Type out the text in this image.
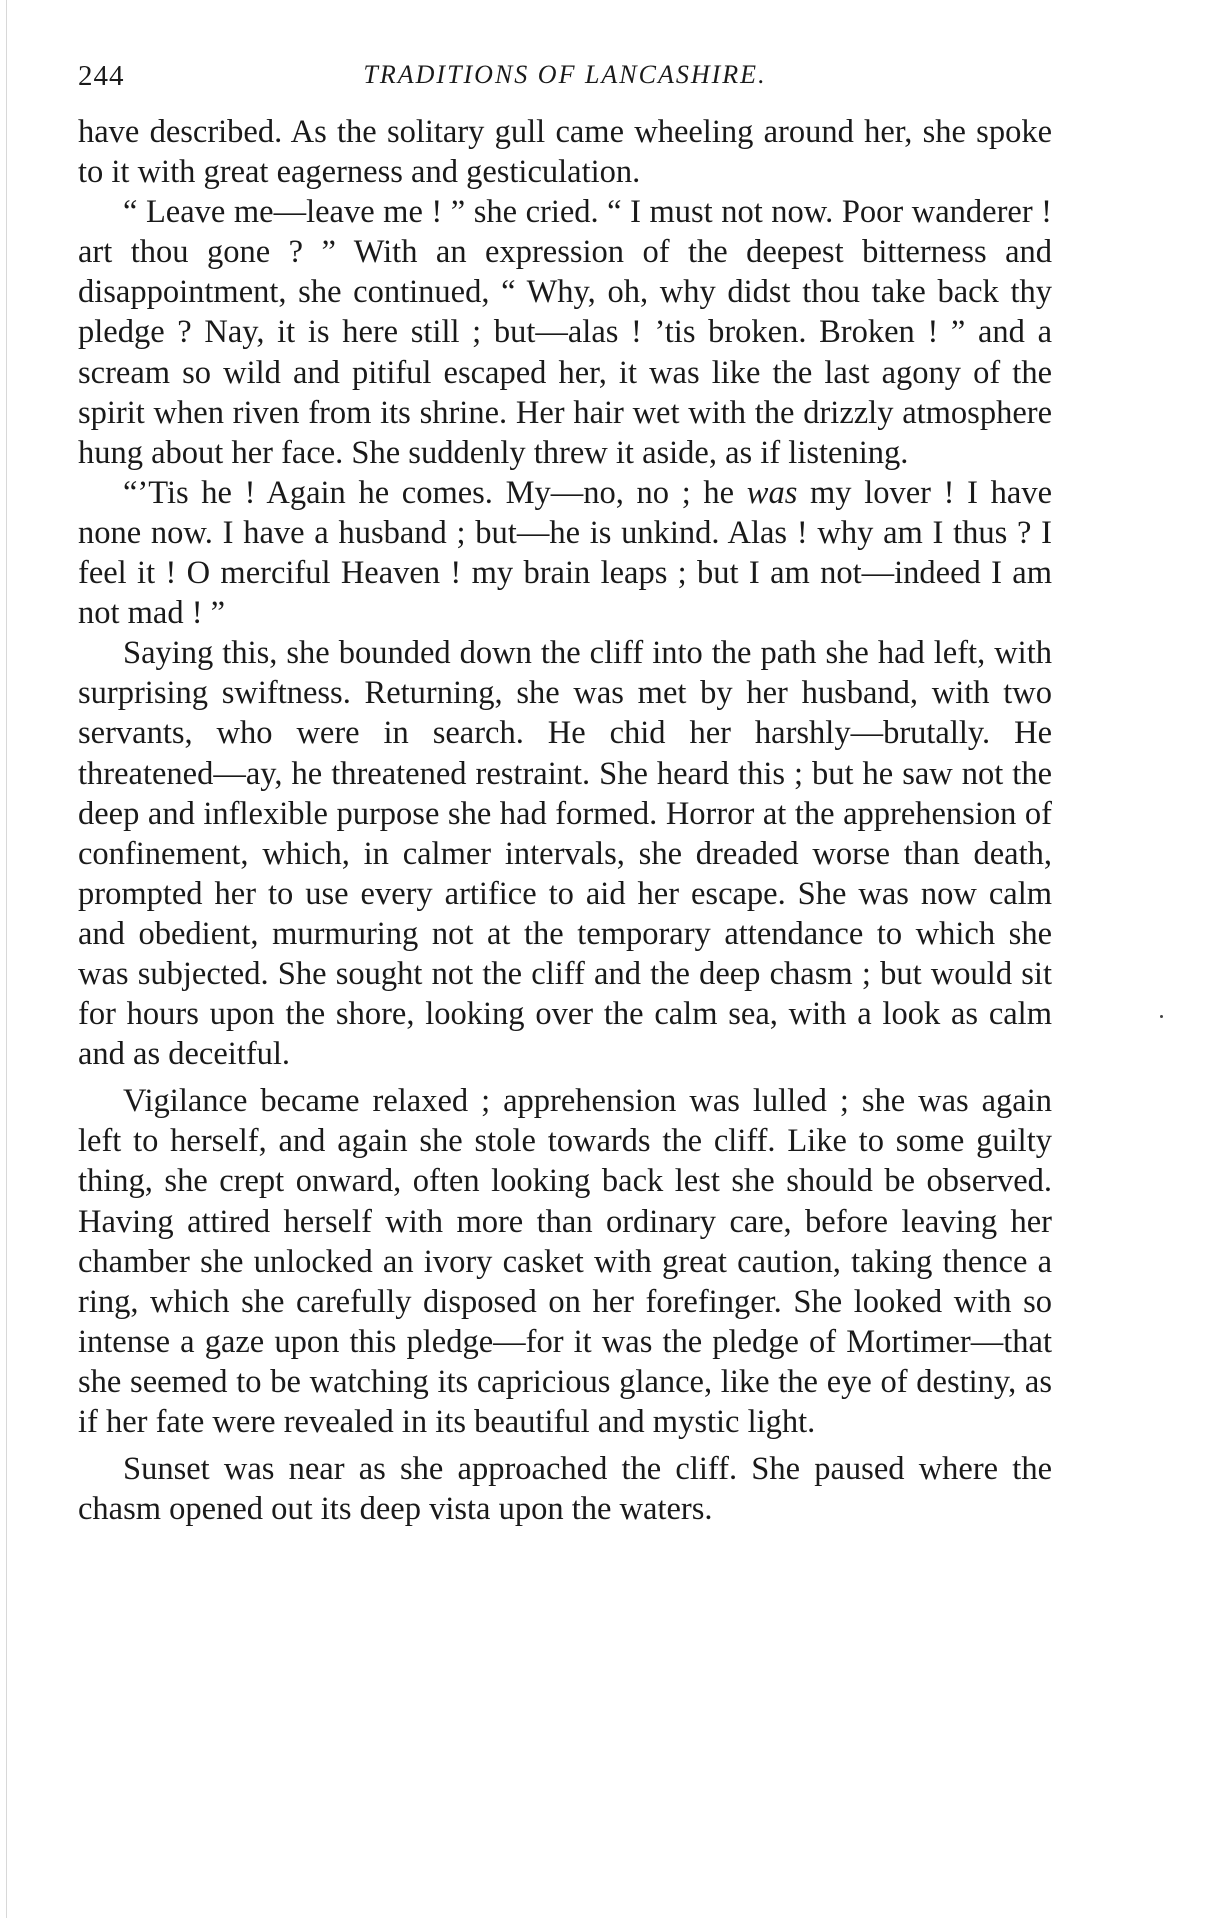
244	TRADITIONS OF LANCASHIRE.

have described. As the solitary gull came wheeling around her, she spoke to it with great eagerness and gesticulation.

“ Leave me—leave me ! ” she cried. “ I must not now. Poor wanderer ! art thou gone ? ” With an expression of the deepest bitterness and disappointment, she continued, “ Why, oh, why didst thou take back thy pledge ? Nay, it is here still ; but—alas ! ’tis broken. Broken ! ” and a scream so wild and pitiful escaped her, it was like the last agony of the spirit when riven from its shrine. Her hair wet with the drizzly atmosphere hung about her face. She suddenly threw it aside, as if listening.

“’Tis he ! Again he comes. My—no, no ; he was my lover ! I have none now. I have a husband ; but—he is unkind. Alas ! why am I thus ? I feel it ! O merciful Heaven ! my brain leaps ; but I am not—indeed I am not mad ! ”

Saying this, she bounded down the cliff into the path she had left, with surprising swiftness. Returning, she was met by her husband, with two servants, who were in search. He chid her harshly—brutally. He threatened—ay, he threatened restraint. She heard this ; but he saw not the deep and inflexible purpose she had formed. Horror at the apprehension of confinement, which, in calmer intervals, she dreaded worse than death, prompted her to use every artifice to aid her escape. She was now calm and obedient, murmuring not at the temporary attendance to which she was subjected. She sought not the cliff and the deep chasm ; but would sit for hours upon the shore, looking over the calm sea, with a look as calm and as deceitful.

Vigilance became relaxed ; apprehension was lulled ; she was again left to herself, and again she stole towards the cliff. Like to some guilty thing, she crept onward, often looking back lest she should be observed. Having attired herself with more than ordinary care, before leaving her chamber she unlocked an ivory casket with great caution, taking thence a ring, which she carefully disposed on her forefinger. She looked with so intense a gaze upon this pledge—for it was the pledge of Mortimer—that she seemed to be watching its capricious glance, like the eye of destiny, as if her fate were revealed in its beautiful and mystic light.

Sunset was near as she approached the cliff. She paused where the chasm opened out its deep vista upon the waters.
